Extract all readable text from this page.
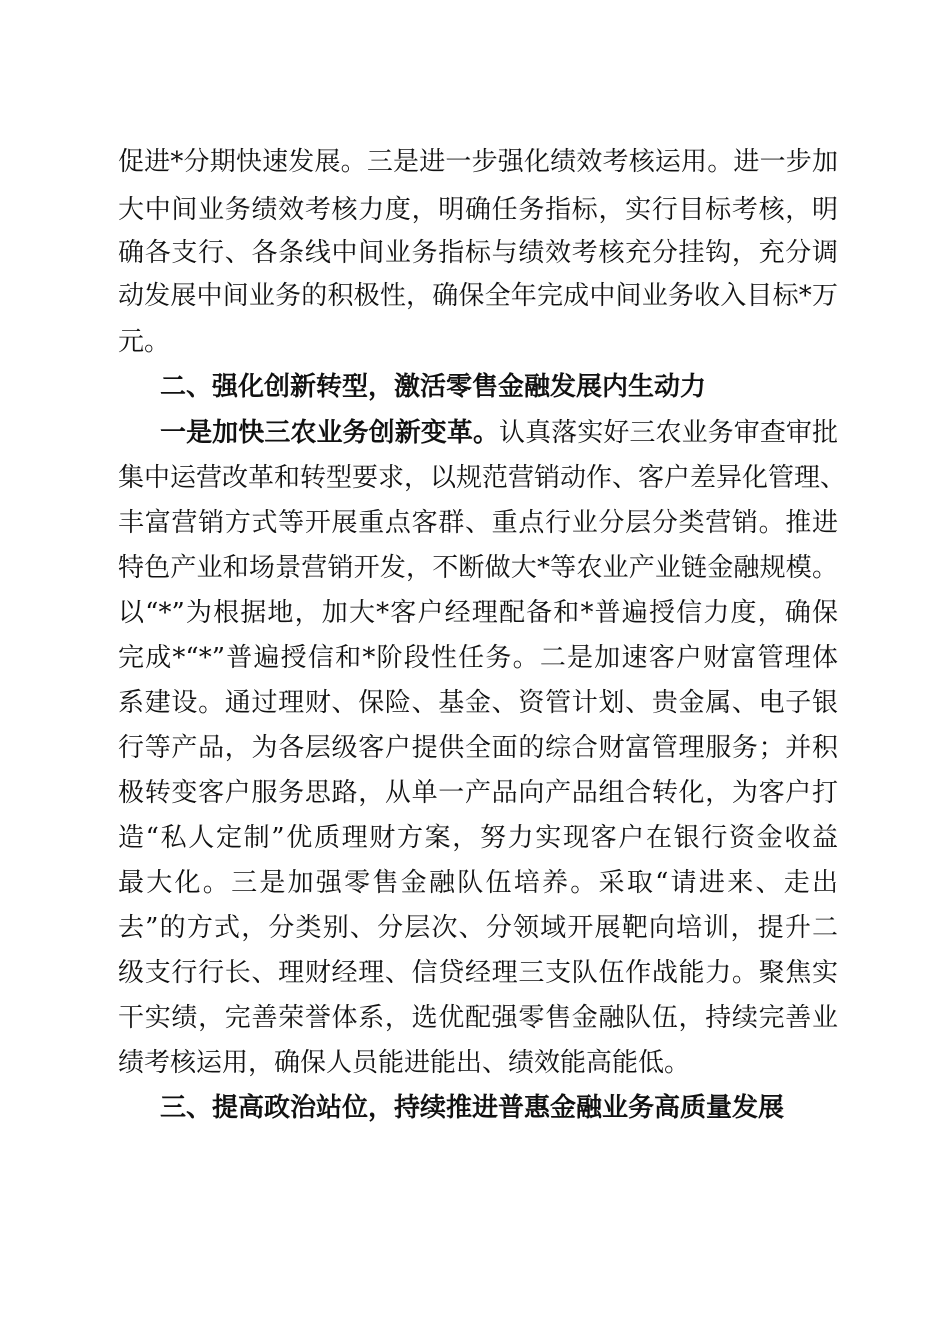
促进*分期快速发展。三是进一步强化绩效考核运用。进一步加
大中间业务绩效考核力度，明确任务指标，实行目标考核，明
确各支行、各条线中间业务指标与绩效考核充分挂钩，充分调
动发展中间业务的积极性，确保全年完成中间业务收入目标*万
元。
二、强化创新转型，激活零售金融发展内生动力
一是加快三农业务创新变革。认真落实好三农业务审查审批
集中运营改革和转型要求，以规范营销动作、客户差异化管理、
丰富营销方式等开展重点客群、重点行业分层分类营销。推进
特色产业和场景营销开发，不断做大*等农业产业链金融规模。
以“*”为根据地，加大*客户经理配备和*普遍授信力度，确保
完成*“*”普遍授信和*阶段性任务。二是加速客户财富管理体
系建设。通过理财、保险、基金、资管计划、贵金属、电子银
行等产品，为各层级客户提供全面的综合财富管理服务；并积
极转变客户服务思路，从单一产品向产品组合转化，为客户打
造“私人定制”优质理财方案，努力实现客户在银行资金收益
最大化。三是加强零售金融队伍培养。采取“请进来、走出
去”的方式，分类别、分层次、分领域开展靶向培训，提升二
级支行行长、理财经理、信贷经理三支队伍作战能力。聚焦实
干实绩，完善荣誉体系，选优配强零售金融队伍，持续完善业
绩考核运用，确保人员能进能出、绩效能高能低。
三、提高政治站位，持续推进普惠金融业务高质量发展
